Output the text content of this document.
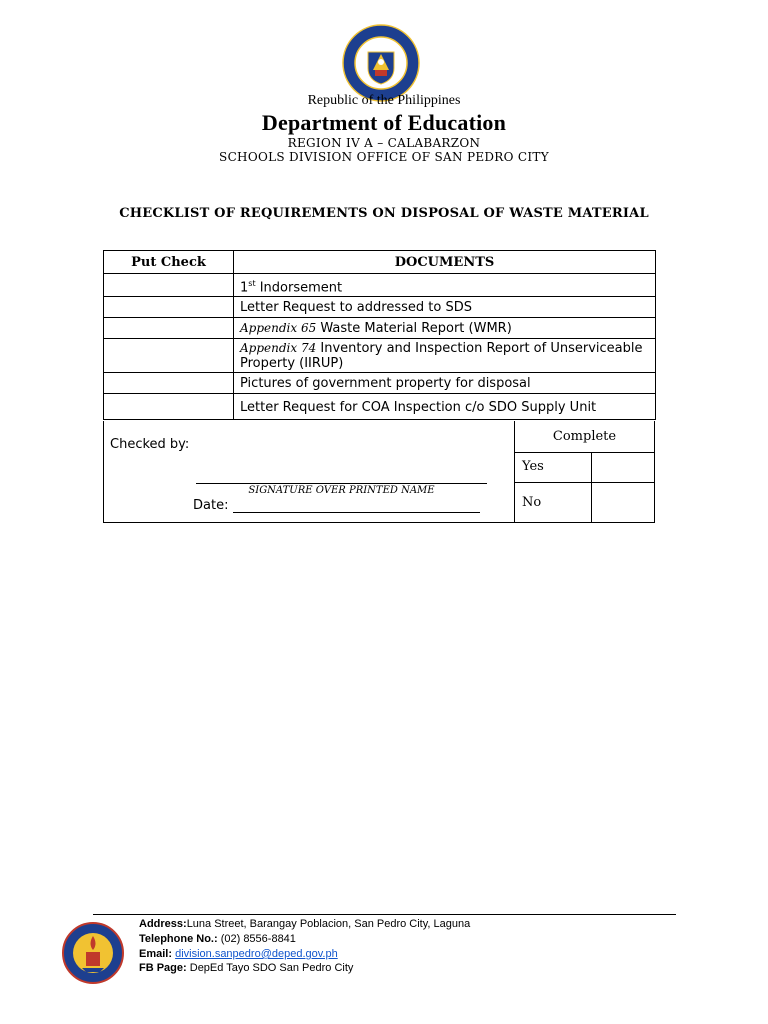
Republic of the Philippines
Department of Education
REGION IV A – CALABARZON
SCHOOLS DIVISION OFFICE OF SAN PEDRO CITY
CHECKLIST OF REQUIREMENTS ON DISPOSAL OF WASTE MATERIAL
Put Check	DOCUMENTS
	1st Indorsement
	Letter Request to addressed to SDS
	Appendix 65 Waste Material Report (WMR)
	Appendix 74 Inventory and Inspection Report of Unserviceable Property (IIRUP)
	Pictures of government property for disposal
	Letter Request for COA Inspection c/o SDO Supply Unit
Checked by:
SIGNATURE OVER PRINTED NAME
Date:
Complete
Yes
No
Address:Luna Street, Barangay Poblacion, San Pedro City, Laguna
Telephone No.: (02) 8556-8841
Email: division.sanpedro@deped.gov.ph
FB Page: DepEd Tayo SDO San Pedro City
